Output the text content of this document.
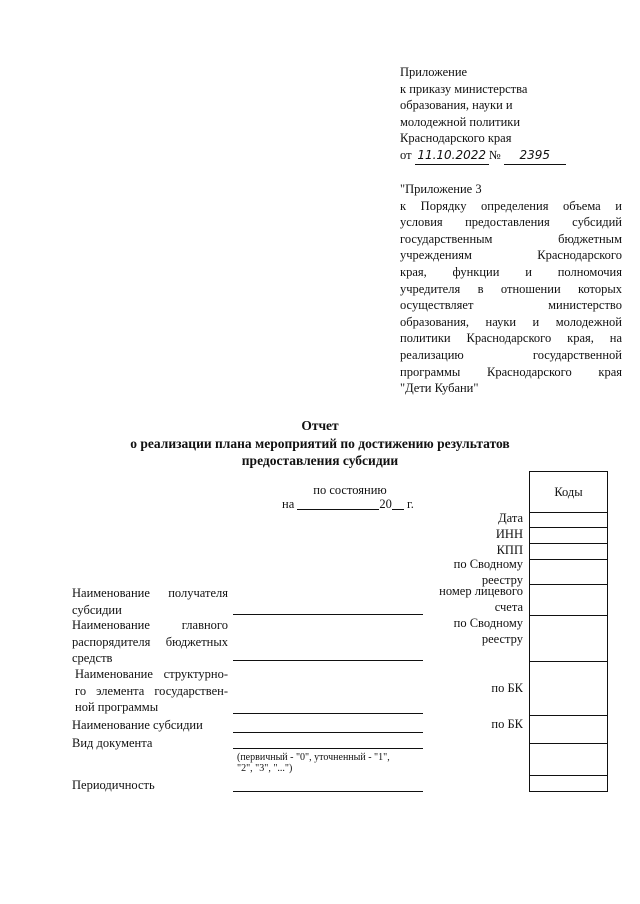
Приложение
к приказу министерства
образования, науки и
молодежной политики
Краснодарского края
от 11.10.2022 № 2395
"Приложение 3
к Порядку определения объема и
условия предоставления субсидий
государственным бюджетным
учреждениям Краснодарского
края, функции и полномочия
учредителя в отношении которых
осуществляет министерство
образования, науки и молодежной
политики Краснодарского края, на
реализацию государственной
программы Краснодарского края
"Дети Кубани"
Отчет
о реализации плана мероприятий по достижению результатов
предоставления субсидии
по состоянию
на	20 г.
Коды
Дата
ИНН
КПП
по Сводному
реестру
номер лицевого
счета
по Сводному
реестру
по БК
по БК
Наименование получателя субсидии
Наименование главного распорядителя бюджетных средств
Наименование структурно- го элемента государствен- ной программы
Наименование субсидии
Вид документа
(первичный - "0", уточненный - "1",
"2", "3", "...")
Периодичность
